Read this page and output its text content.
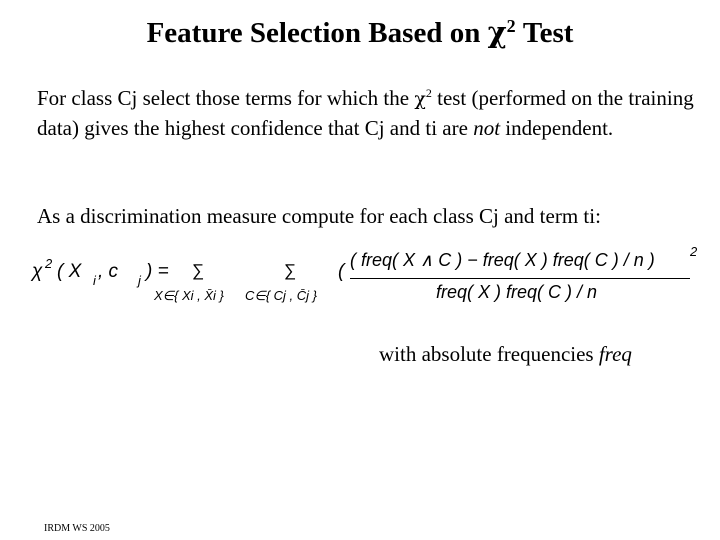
Feature Selection Based on $\chi^2$ Test
For class Cj select those terms for which the $\chi^2$ test (performed on the training data) gives the highest confidence that Cj and ti are not independent.
As a discrimination measure compute for each class Cj and term ti:
χ 2 ( X i , c j ) = ∑
X∈{ Xi , X̄i }
∑
C∈{ Cj , C̄j }
(
( freq( X ∧ C ) − freq( X ) freq( C ) / n )	2
freq( X ) freq( C ) / n
with absolute frequencies freq
IRDM WS 2005
